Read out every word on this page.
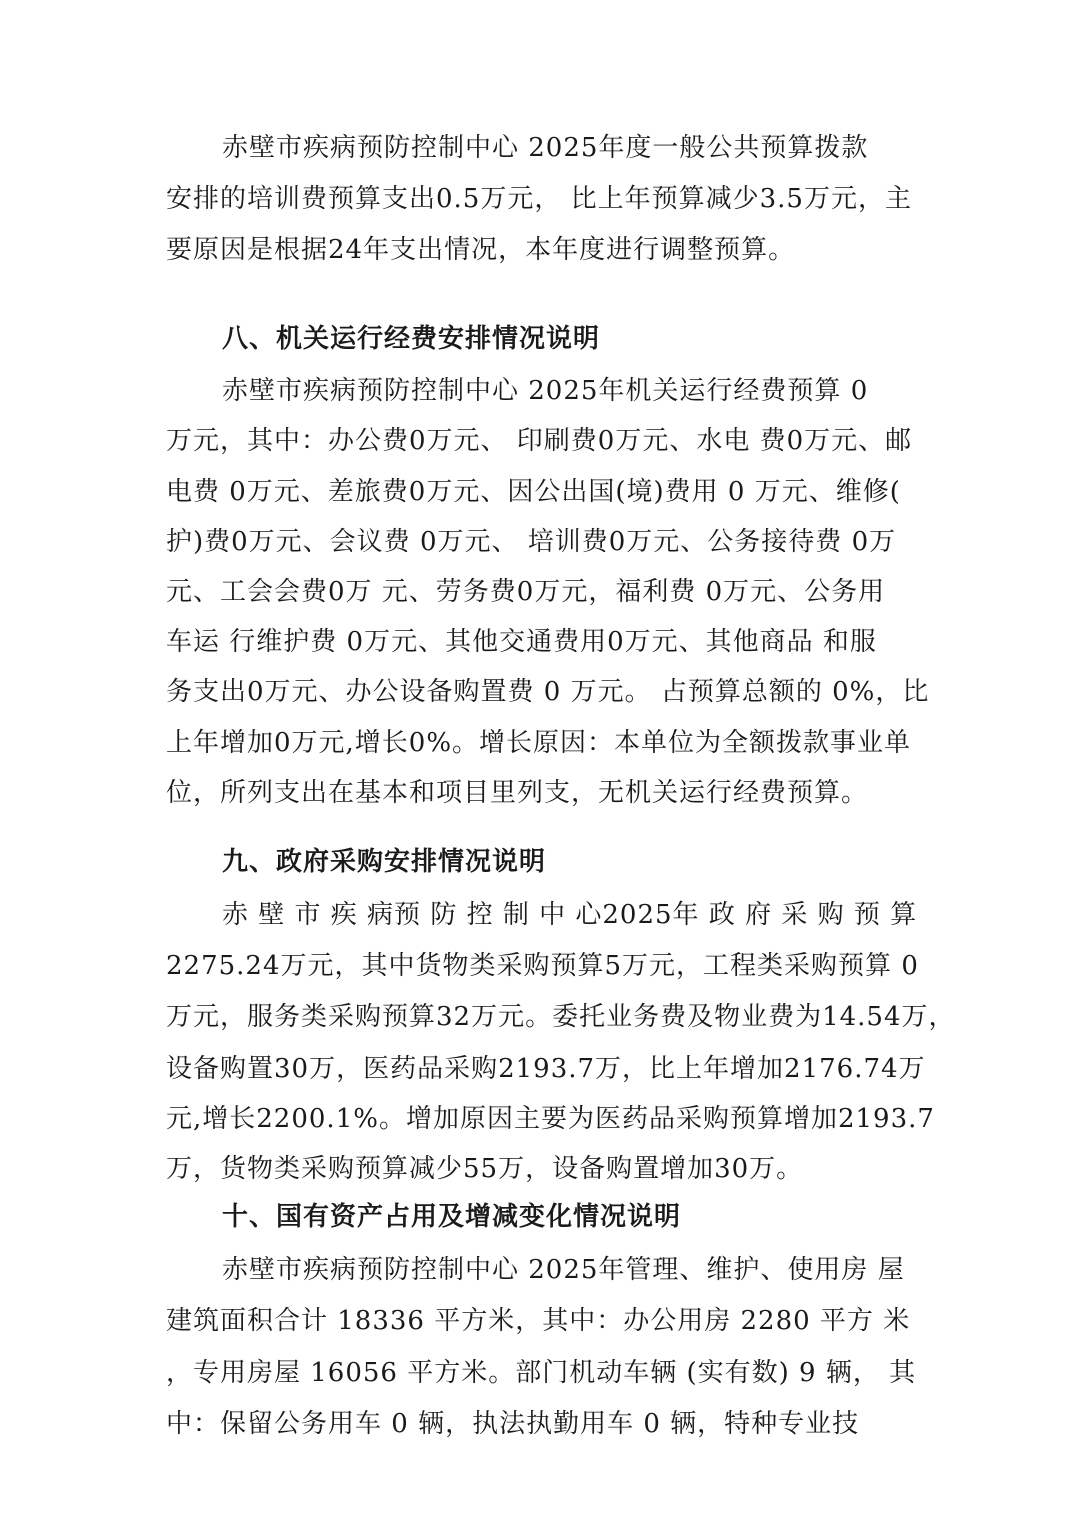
赤壁市疾病预防控制中心 2025年度一般公共预算拨款
安排的培训费预算支出0.5万元， 比上年预算减少3.5万元，主
要原因是根据24年支出情况，本年度进行调整预算。
八、机关运行经费安排情况说明
赤壁市疾病预防控制中心 2025年机关运行经费预算 0
万元，其中：办公费0万元、 印刷费0万元、水电 费0万元、邮
电费 0万元、差旅费0万元、因公出国(境)费用 0 万元、维修(
护)费0万元、会议费 0万元、 培训费0万元、公务接待费 0万
元、工会会费0万 元、劳务费0万元，福利费 0万元、公务用
车运 行维护费 0万元、其他交通费用0万元、其他商品 和服
务支出0万元、办公设备购置费 0 万元。 占预算总额的 0%，比
上年增加0万元,增长0%。增长原因：本单位为全额拨款事业单
位，所列支出在基本和项目里列支，无机关运行经费预算。
九、政府采购安排情况说明
赤 壁 市 疾 病预 防 控 制 中 心2025年 政 府 采 购 预 算
2275.24万元，其中货物类采购预算5万元，工程类采购预算 0
万元，服务类采购预算32万元。委托业务费及物业费为14.54万，
设备购置30万，医药品采购2193.7万，比上年增加2176.74万
元,增长2200.1%。增加原因主要为医药品采购预算增加2193.7
万，货物类采购预算减少55万，设备购置增加30万。
十、国有资产占用及增减变化情况说明
赤壁市疾病预防控制中心 2025年管理、维护、使用房 屋
建筑面积合计 18336 平方米，其中：办公用房 2280 平方 米
，专用房屋 16056 平方米。部门机动车辆 (实有数) 9 辆， 其
中：保留公务用车 0 辆，执法执勤用车 0 辆，特种专业技
